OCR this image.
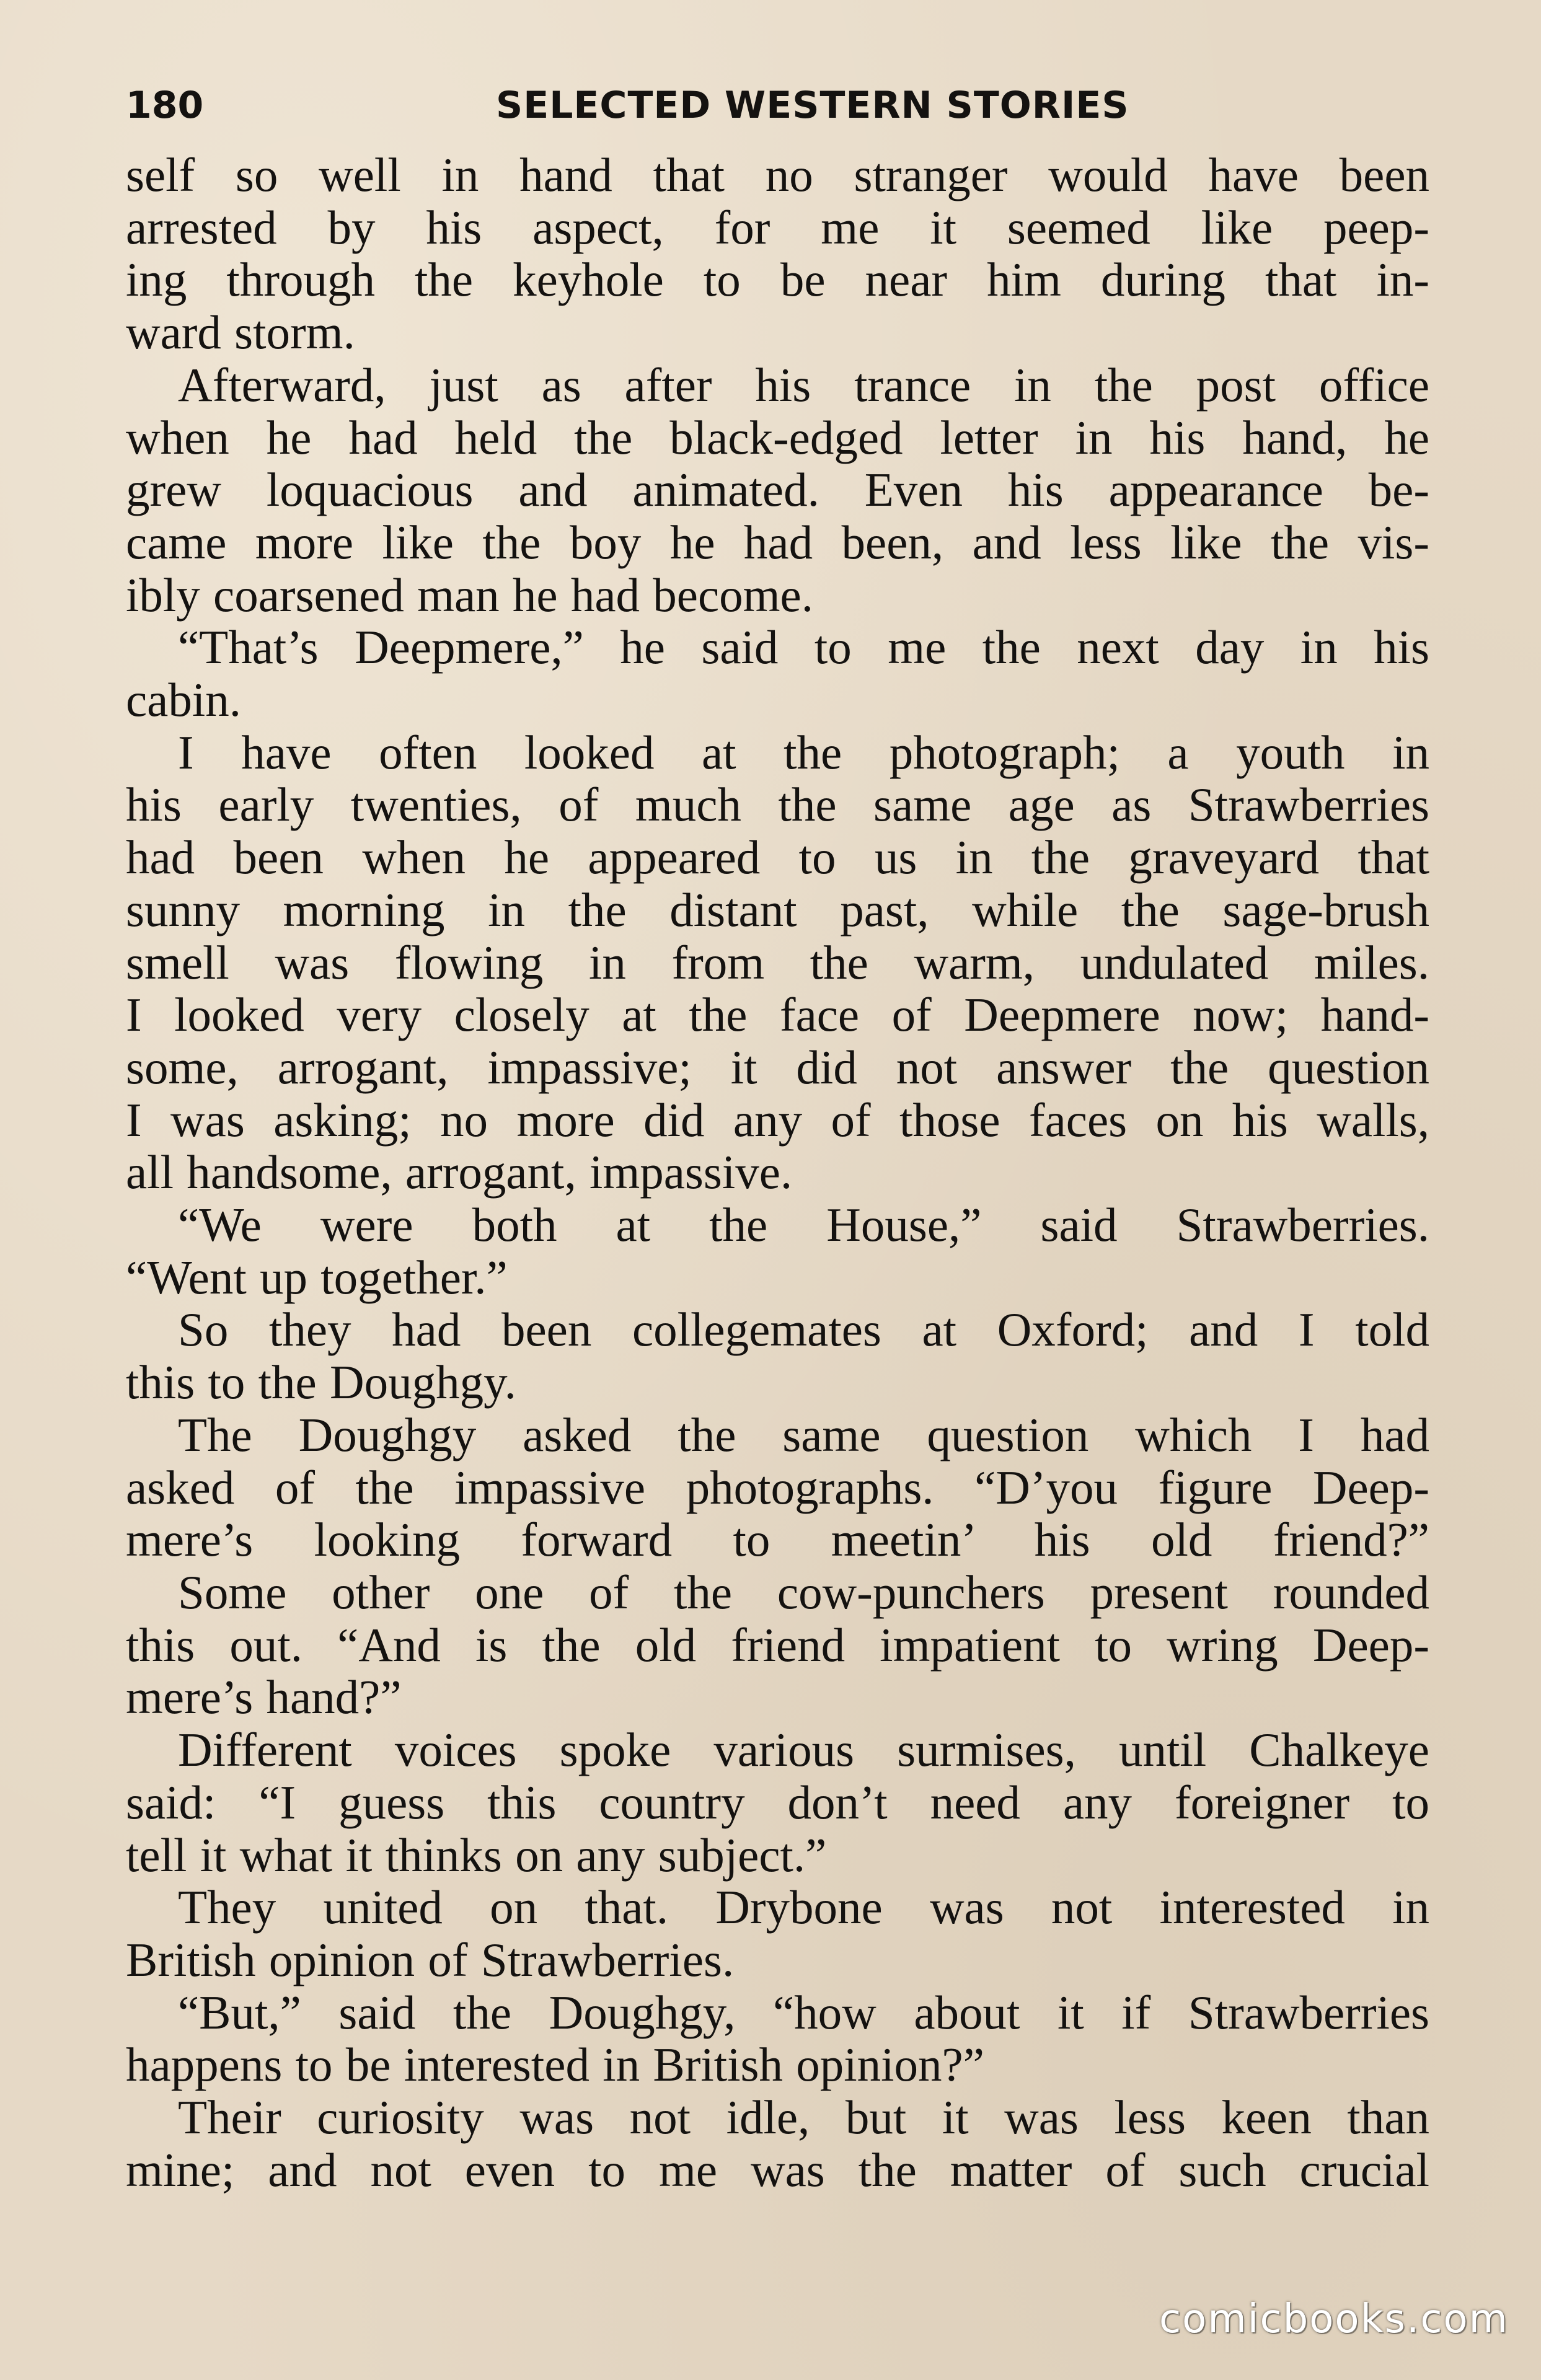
180	SELECTED WESTERN STORIES

self so well in hand that no stranger would have been

arrested by his aspect, for me it seemed like peep-

ing through the keyhole to be near him during that in-

ward storm.

Afterward, just as after his trance in the post office

when he had held the black-edged letter in his hand, he

grew loquacious and animated. Even his appearance be-

came more like the boy he had been, and less like the vis-

ibly coarsened man he had become.

“That’s Deepmere,” he said to me the next day in his

cabin.

I have often looked at the photograph; a youth in

his early twenties, of much the same age as Strawberries

had been when he appeared to us in the graveyard that

sunny morning in the distant past, while the sage-brush

smell was flowing in from the warm, undulated miles.

I looked very closely at the face of Deepmere now; hand-

some, arrogant, impassive; it did not answer the question

I was asking; no more did any of those faces on his walls,

all handsome, arrogant, impassive.

“We were both at the House,” said Strawberries.

“Went up together.”

So they had been collegemates at Oxford; and I told

this to the Doughgy.

The Doughgy asked the same question which I had

asked of the impassive photographs. “D’you figure Deep-

mere’s looking forward to meetin’ his old friend?”

Some other one of the cow-punchers present rounded

this out. “And is the old friend impatient to wring Deep-

mere’s hand?”

Different voices spoke various surmises, until Chalkeye

said: “I guess this country don’t need any foreigner to

tell it what it thinks on any subject.”

They united on that. Drybone was not interested in

British opinion of Strawberries.

“But,” said the Doughgy, “how about it if Strawberries

happens to be interested in British opinion?”

Their curiosity was not idle, but it was less keen than

mine; and not even to me was the matter of such crucial

comicbooks.com
